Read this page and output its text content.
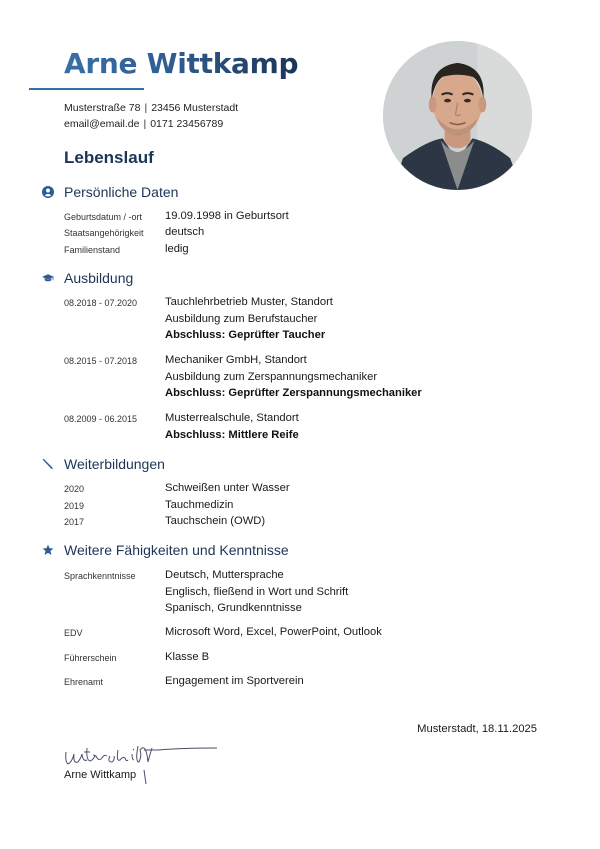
Arne Wittkamp
Musterstraße 78 | 23456 Musterstadt
email@email.de | 0171 23456789
Lebenslauf
Persönliche Daten
Geburtsdatum / -ort	19.09.1998 in Geburtsort
Staatsangehörigkeit	deutsch
Familienstand	ledig
Ausbildung
08.2018 - 07.2020	Tauchlehrbetrieb Muster, Standort
Ausbildung zum Berufstaucher
Abschluss: Geprüfter Taucher
08.2015 - 07.2018	Mechaniker GmbH, Standort
Ausbildung zum Zerspannungsmechaniker
Abschluss: Geprüfter Zerspannungsmechaniker
08.2009 - 06.2015	Musterrealschule, Standort
Abschluss: Mittlere Reife
Weiterbildungen
2020	Schweißen unter Wasser
2019	Tauchmedizin
2017	Tauchschein (OWD)
Weitere Fähigkeiten und Kenntnisse
Sprachkenntnisse	Deutsch, Muttersprache
Englisch, fließend in Wort und Schrift
Spanisch, Grundkenntnisse
EDV	Microsoft Word, Excel, PowerPoint, Outlook
Führerschein	Klasse B
Ehrenamt	Engagement im Sportverein
Musterstadt, 18.11.2025
Arne Wittkamp
